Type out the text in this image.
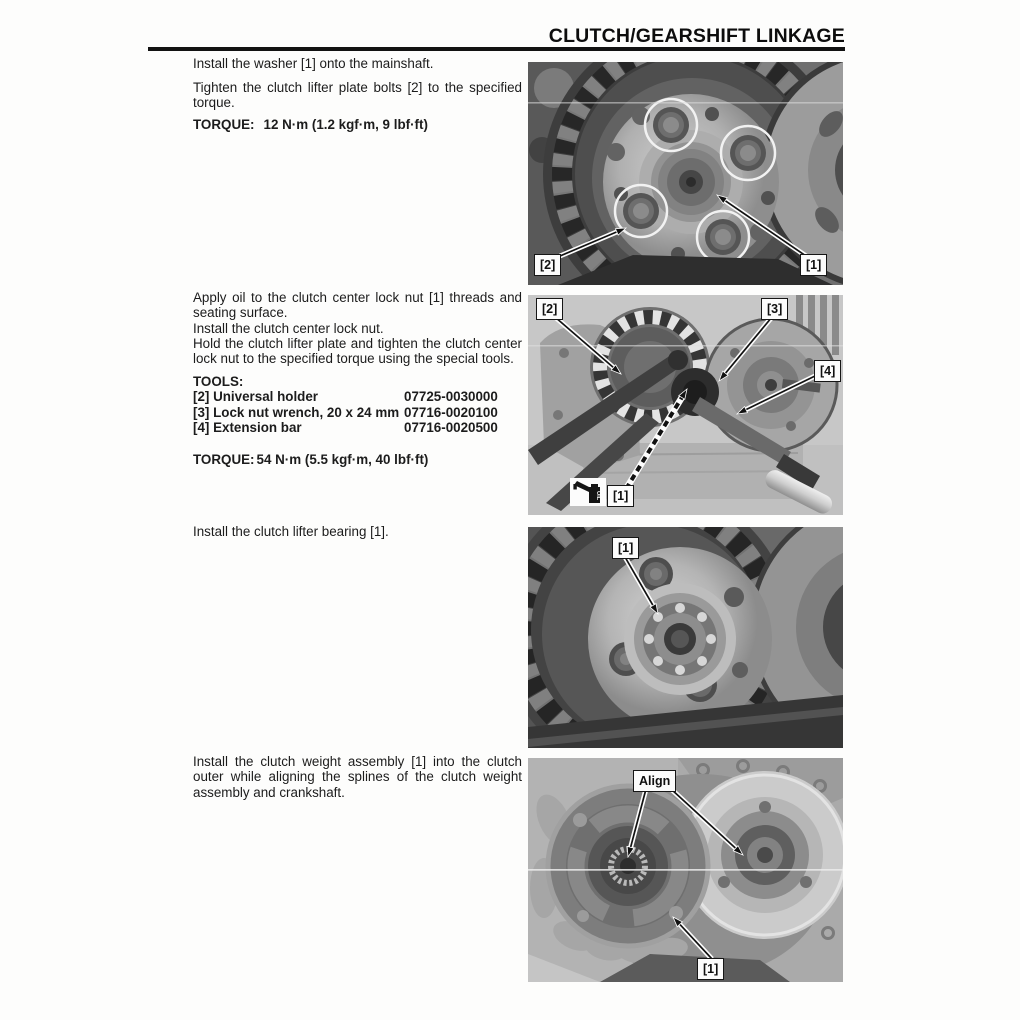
CLUTCH/GEARSHIFT LINKAGE

Install the washer [1] onto the mainshaft.

Tighten the clutch lifter plate bolts [2] to the specified torque.

TORQUE: 12 N·m (1.2 kgf·m, 9 lbf·ft)

Apply oil to the clutch center lock nut [1] threads and seating surface.

Install the clutch center lock nut.

Hold the clutch lifter plate and tighten the clutch center lock nut to the specified torque using the special tools.

TOOLS:
[2] Universal holder	07725-0030000
[3] Lock nut wrench, 20 x 24 mm 07716-0020100
[4] Extension bar	07716-0020500
TORQUE: 54 N·m (5.5 kgf·m, 40 lbf·ft)

Install the clutch lifter bearing [1].

Install the clutch weight assembly [1] into the clutch outer while aligning the splines of the clutch weight assembly and crankshaft.

[2]	[1]
OIL [1]
[2]	[3]
[4]
[1]
Align
[1]
